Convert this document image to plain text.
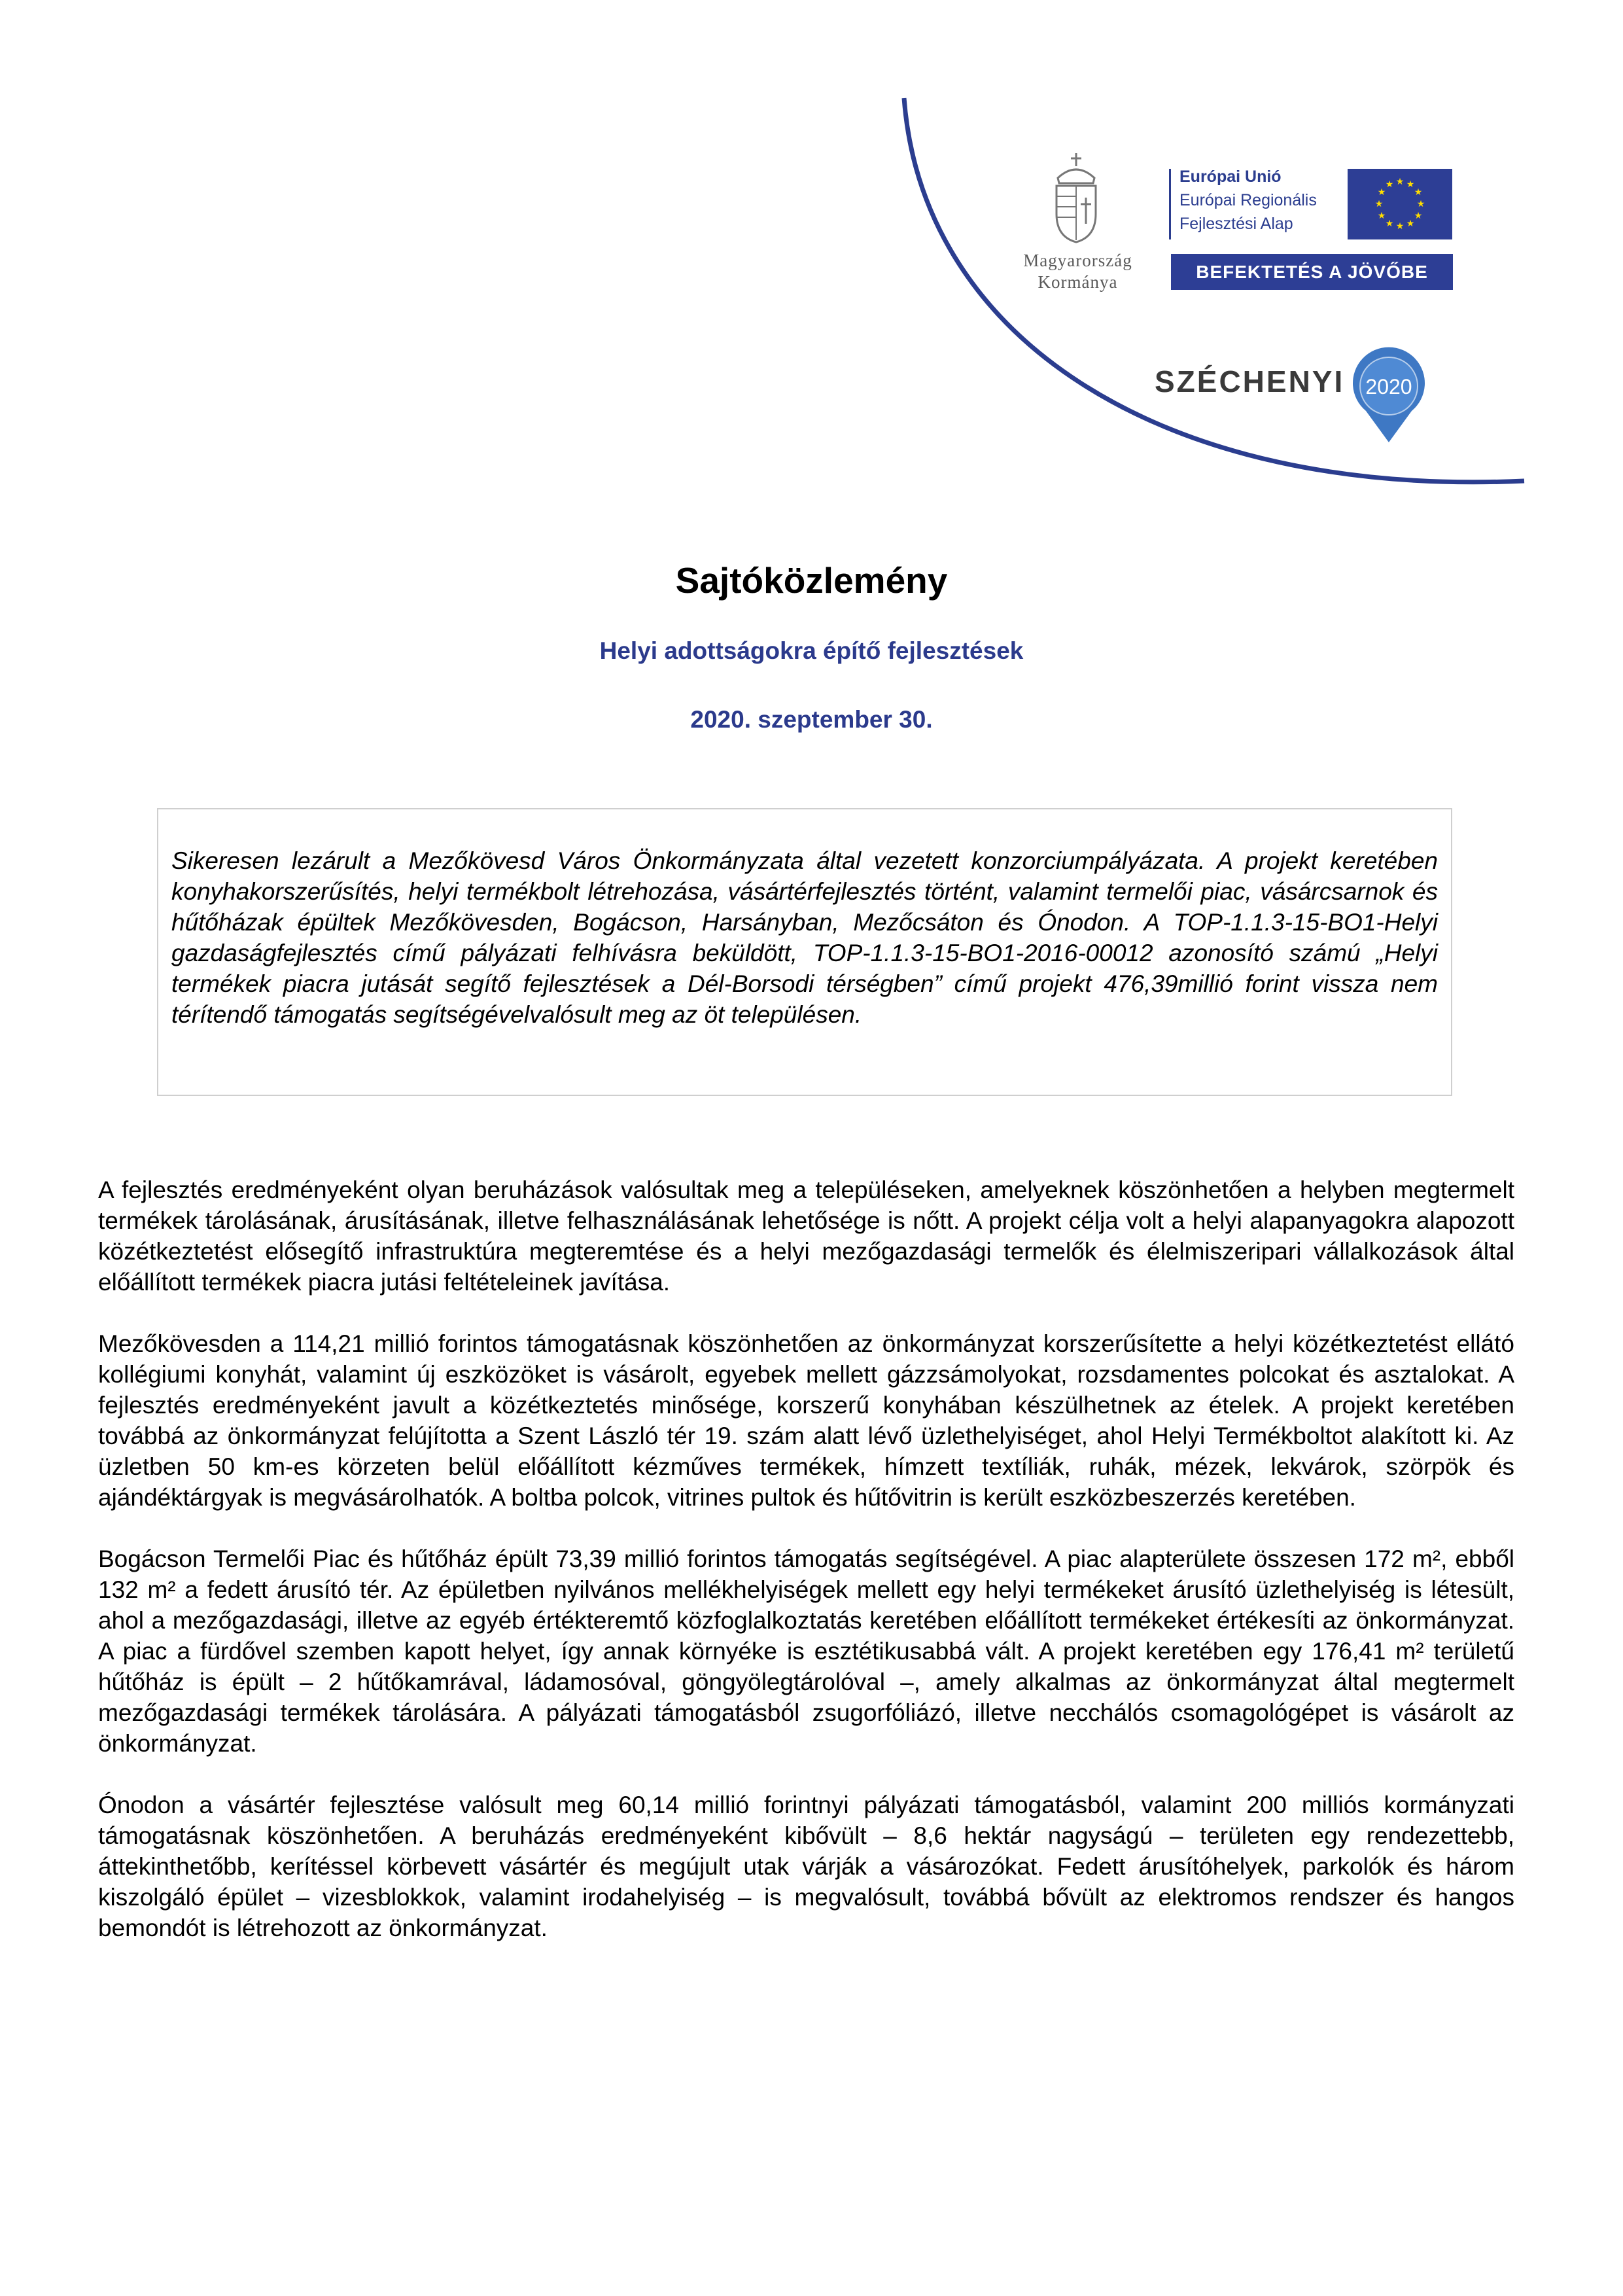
Magyarország
Kormánya
Európai Unió
Európai Regionális
Fejlesztési Alap
★ ★
★
★
★
★
★
★
★
★
★
★
BEFEKTETÉS A JÖVŐBE
SZÉCHENYI 2020
Sajtóközlemény
Helyi adottságokra építő fejlesztések
2020. szeptember 30.

Sikeresen lezárult a Mezőkövesd Város Önkormányzata által vezetett konzorciumpályázata. A projekt keretében konyhakorszerűsítés, helyi termékbolt létrehozása, vásártérfejlesztés történt, valamint termelői piac, vásárcsarnok és hűtőházak épültek Mezőkövesden, Bogácson, Harsányban, Mezőcsáton és Ónodon. A TOP-1.1.3-15-BO1-Helyi gazdaságfejlesztés című pályázati felhívásra beküldött, TOP-1.1.3-15-BO1-2016-00012 azonosító számú „Helyi termékek piacra jutását segítő fejlesztések a Dél-Borsodi térségben” című projekt 476,39millió forint vissza nem térítendő támogatás segítségévelvalósult meg az öt településen.

A fejlesztés eredményeként olyan beruházások valósultak meg a településeken, amelyeknek köszönhetően a helyben megtermelt termékek tárolásának, árusításának, illetve felhasználásának lehetősége is nőtt. A projekt célja volt a helyi alapanyagokra alapozott közétkeztetést elősegítő infrastruktúra megteremtése és a helyi mezőgazdasági termelők és élelmiszeripari vállalkozások által előállított termékek piacra jutási feltételeinek javítása.

Mezőkövesden a 114,21 millió forintos támogatásnak köszönhetően az önkormányzat korszerűsítette a helyi közétkeztetést ellátó kollégiumi konyhát, valamint új eszközöket is vásárolt, egyebek mellett gázzsámolyokat, rozsdamentes polcokat és asztalokat. A fejlesztés eredményeként javult a közétkeztetés minősége, korszerű konyhában készülhetnek az ételek. A projekt keretében továbbá az önkormányzat felújította a Szent László tér 19. szám alatt lévő üzlethelyiséget, ahol Helyi Termékboltot alakított ki. Az üzletben 50 km-es körzeten belül előállított kézműves termékek, hímzett textíliák, ruhák, mézek, lekvárok, szörpök és ajándéktárgyak is megvásárolhatók. A boltba polcok, vitrines pultok és hűtővitrin is került eszközbeszerzés keretében.

Bogácson Termelői Piac és hűtőház épült 73,39 millió forintos támogatás segítségével. A piac alapterülete összesen 172 m², ebből 132 m² a fedett árusító tér. Az épületben nyilvános mellékhelyiségek mellett egy helyi termékeket árusító üzlethelyiség is létesült, ahol a mezőgazdasági, illetve az egyéb értékteremtő közfoglalkoztatás keretében előállított termékeket értékesíti az önkormányzat. A piac a fürdővel szemben kapott helyet, így annak környéke is esztétikusabbá vált. A projekt keretében egy 176,41 m² területű hűtőház is épült – 2 hűtőkamrával, ládamosóval, göngyölegtárolóval –, amely alkalmas az önkormányzat által megtermelt mezőgazdasági termékek tárolására. A pályázati támogatásból zsugorfóliázó, illetve necchálós csomagológépet is vásárolt az önkormányzat.

Ónodon a vásártér fejlesztése valósult meg 60,14 millió forintnyi pályázati támogatásból, valamint 200 milliós kormányzati támogatásnak köszönhetően. A beruházás eredményeként kibővült – 8,6 hektár nagyságú – területen egy rendezettebb, áttekinthetőbb, kerítéssel körbevett vásártér és megújult utak várják a vásározókat. Fedett árusítóhelyek, parkolók és három kiszolgáló épület – vizesblokkok, valamint irodahelyiség – is megvalósult, továbbá bővült az elektromos rendszer és hangos bemondót is létrehozott az önkormányzat.
